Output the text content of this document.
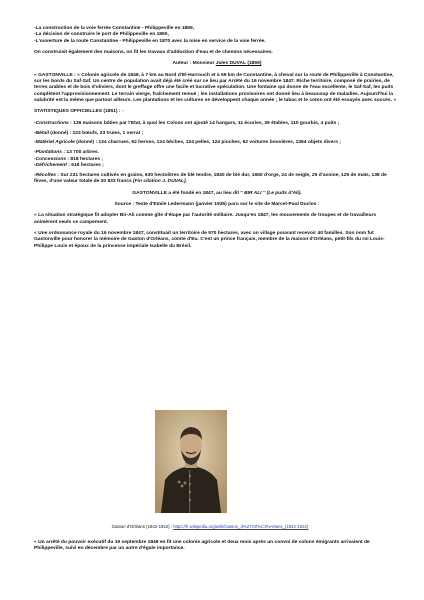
-La construction de la voie ferrée Constantine - Philippeville en 1859,

-La décision de construire le port de Philippeville en 1860,

-L'ouverture de la route Constantine - Philippeville en 1870 avec la mise en service de la voie ferrée.

On construisit également des maisons, on fit les travaux d'adduction d'eau et de chemins nécessaires.

Auteur : Monsieur Jules DUVAL (1859)

« GASTONVILLE : « Colonie agricole de 1848, à 7 km au Nord d'El-Harrouch et à 59 km de Constantine, à cheval sur la route de Philippeville à Constantine, sur les bords du Saf-Saf. Un centre de population avait déjà été créé sur ce lieu par Arrêté du 16 novembre 1847. Riche territoire, composé de prairies, de terres arables et de bois d'oliviers, dont le greffage offre une facile et lucrative spéculation. Une fontaine qui donne de l'eau excellente, le Saf-Saf, les puits complètent l'approvisionnement. Le terrain vierge, fraîchement remué ; les installations provisoires ont donné lieu à beaucoup de maladies. Aujourd'hui la salubrité est la même que partout ailleurs. Les plantations et les cultures se développent chaque année ; le tabac et le coton ont été essayés avec succès. »

STATISTIQUES OFFICIELLES (1851) : -

-Constructions : 136 maisons bâties par l'Etat, à quoi les Colons ont ajouté 14 hangars, 11 écuries, 39 étables, 110 gourbis, 4 puits ;

-Bétail (donné) : 123 bœufs, 23 truies, 1 verrat ;

-Matériel Agricole (donné) : 124 charrues, 62 herses, 124 bêches, 124 pelles, 124 pioches, 62 voitures bouvières, 1364 objets divers ;

-Plantations : 13 700 arbres.

-Concessions : 818 hectares ;

-Défrichement : 618 hectares ;

-Récoltes : Sur 231 hectares cultivés en grains, 630 hectolitres de blé tendre, 1840 de blé dur, 1650 d'orge, 24 de seigle, 25 d'avoine, 125 de maïs, 138 de fèves, d'une valeur totale de 30 833 francs [Fin citation J. DUVAL].

GASTONVILLE a été fondé en 1847, au lieu dit '' BIR ALI '' (Le puits d'Ali).

Source : Texte d'Emile Ledermann (janvier 1935) paru sur le site de Marcel-Paul Duclos :

« La situation stratégique fit adopter Bir-Ali comme gîte d'étape par l'autorité militaire. Jusqu'en 1847, les mouvements de troupes et de travailleurs animèrent seuls ce campement.

« Une ordonnance royale du 16 novembre 1847, constituait un territoire de 570 hectares, avec un village pouvant recevoir 40 familles. Son nom fut Gastonville pour honorer la mémoire de Gaston d'Orléans, comte d'Eu. C'est un prince français, membre de la maison d'Orléans, petit-fils du roi Louis-Philippe Louis et époux de la princesse impériale Isabelle du Brésil.

Gaston d'Orléans (1842-1922) : https://fr.wikipedia.org/wiki/Gaston_d%27Orl%C3%A9ans_(1842-1922)
« Un arrêté du pouvoir exécutif du 19 septembre 1848 en fit une colonie agricole et deux mois après un convoi de colons émigrants arrivaient de Philippeville, suivi en décembre par un autre d'égale importance.
